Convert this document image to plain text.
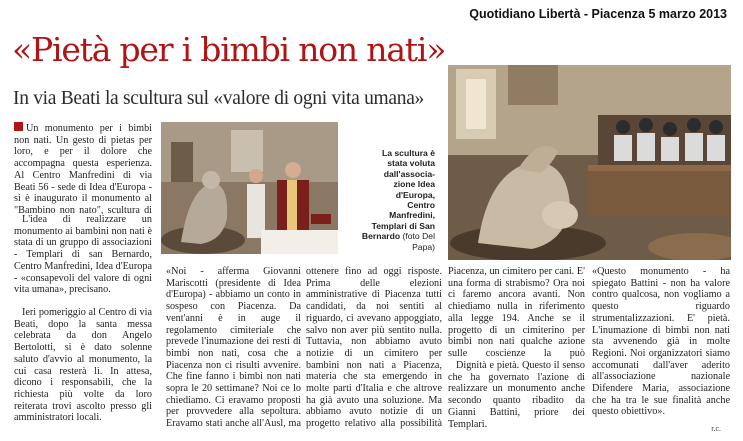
Quotidiano Libertà - Piacenza 5 marzo 2013
«Pietà per i bimbi non nati»
In via Beati la scultura sul «valore di ogni vita umana»

Un monumento per i bimbi non nati. Un gesto di pietas per loro, e per il dolore che accompagna questa esperienza. Al Centro Manfredini di via Beati 56 - sede di Idea d'Europa - si è inaugurato il monumento al "Bambino non nato", scultura di

L'idea di realizzare un monumento ai bambini non nati è stata di un gruppo di associazioni - Templari di san Bernardo, Centro Manfredini, Idea d'Europa - «consapevoli del valore di ogni vita umana», precisano.

Ieri pomeriggio al Centro di via Beati, dopo la santa messa celebrata da don Angelo Bertolotti, si è dato solenne saluto d'avvio al monumento, la cui casa resterà lì. In attesa, dicono i responsabili, che la richiesta più volte da loro reiterata trovi ascolto presso gli amministratori locali.

La scultura è
stata voluta
dall'associa-
zione Idea
d'Europa,
Centro
Manfredini,
Templari di San
Bernardo (foto Del Papa)

«Noi - afferma Giovanni Mariscotti (presidente di Idea d'Europa) - abbiamo un conto in sospeso con Piacenza. Da vent'anni è in auge il regolamento cimiteriale che prevede l'inumazione dei resti di bimbi non nati, cosa che a Piacenza non ci risulti avvenire. Che fine fanno i bimbi non nati sopra le 20 settimane? Noi ce lo chiediamo. Ci eravamo proposti per provvedere alla sepoltura. Eravamo stati anche all'Ausl, ma

ottenere fino ad oggi risposte. Prima delle elezioni amministrative di Piacenza tutti candidati, da noi sentiti al riguardo, ci avevano appoggiato, salvo non aver più sentito nulla. Tuttavia, non abbiamo avuto notizie di un cimitero per bambini non nati a Piacenza, materia che sta emergendo in molte parti d'Italia e che altrove ha già avuto una soluzione. Ma abbiamo avuto notizie di un progetto relativo alla possibilità

Piacenza, un cimitero per cani. E' una forma di strabismo? Ora noi ci faremo ancora avanti. Non chiediamo nulla in riferimento alla legge 194. Anche se il progetto di un cimiterino per bimbi non nati qualche azione sulle coscienze la può

Dignità e pietà. Questo il senso che ha governato l'azione di realizzare un monumento anche secondo quanto ribadito da Gianni Battini, priore dei Templari.

«Questo monumento - ha spiegato Battini - non ha valore contro qualcosa, non vogliamo a questo riguardo strumentalizzazioni. E' pietà. L'inumazione di bimbi non nati sta avvenendo già in molte Regioni. Noi organizzatori siamo accomunati dall'aver aderito all'associazione nazionale Difendere Maria, associazione che ha tra le sue finalità anche questo obiettivo».

r.c.
